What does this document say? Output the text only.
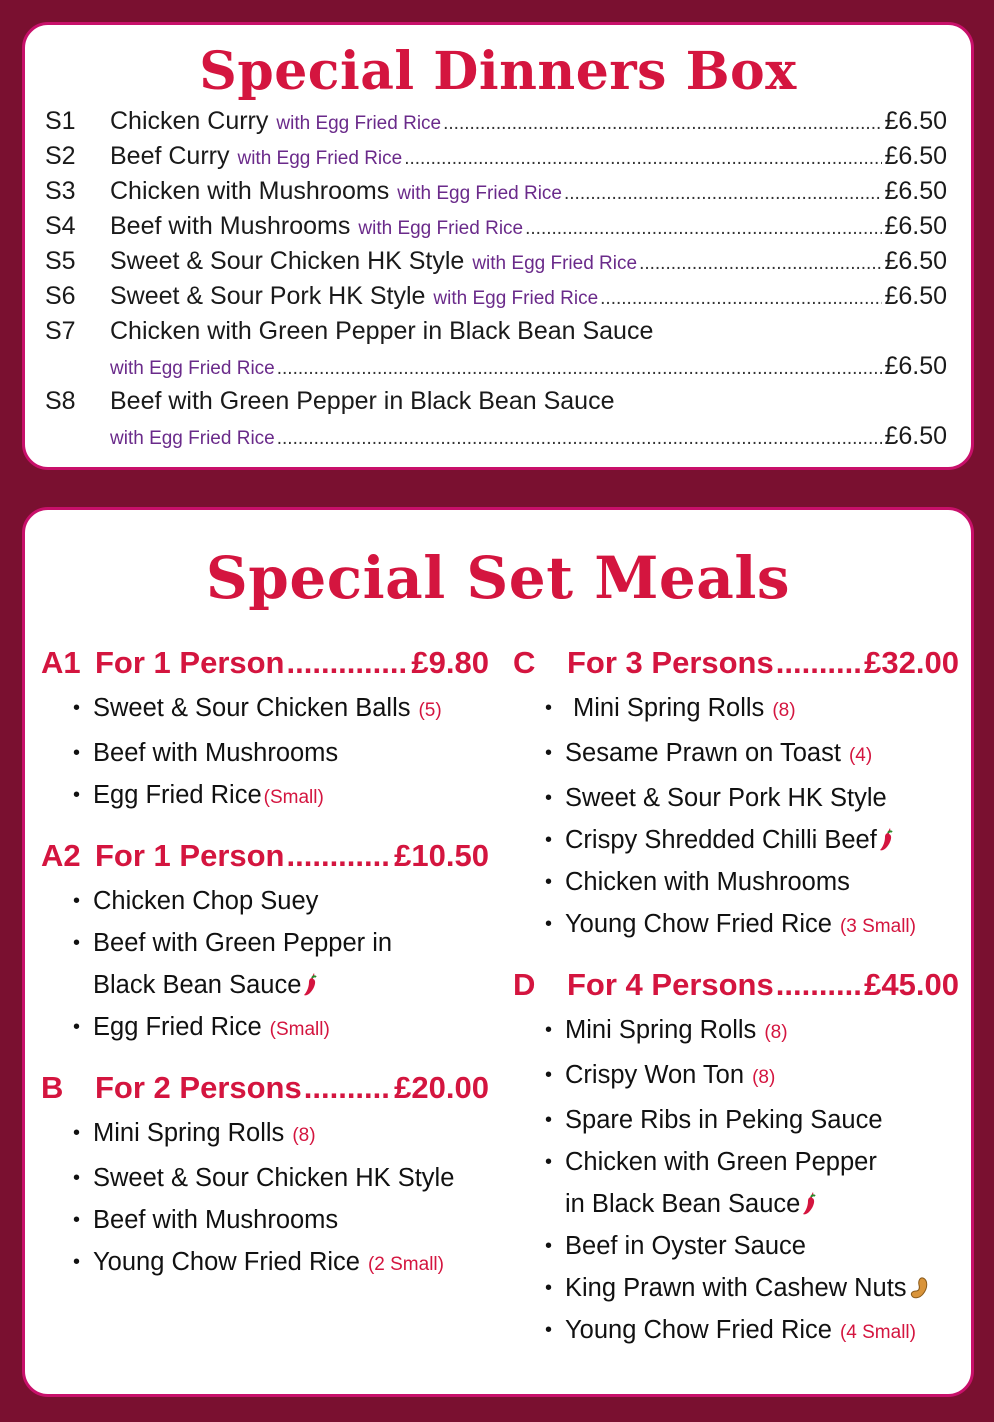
Special Dinners Box
S1	Chicken Curry with Egg Fried Rice .....	£6.50
S2	Beef Curry with Egg Fried Rice .....	£6.50
S3	Chicken with Mushrooms with Egg Fried Rice .....	£6.50
S4	Beef with Mushrooms with Egg Fried Rice .....	£6.50
S5	Sweet & Sour Chicken HK Style with Egg Fried Rice .....	£6.50
S6	Sweet & Sour Pork HK Style with Egg Fried Rice .....	£6.50
S7	Chicken with Green Pepper in Black Bean Sauce
with Egg Fried Rice .....	£6.50
S8	Beef with Green Pepper in Black Bean Sauce
with Egg Fried Rice .....	£6.50
Special Set Meals
A1 For 1 Person .....	£9.80
• Sweet & Sour Chicken Balls (5)
• Beef with Mushrooms
• Egg Fried Rice (Small)
A2 For 1 Person .....	£10.50
• Chicken Chop Suey
• Beef with Green Pepper in
Black Bean Sauce
• Egg Fried Rice (Small)
B	For 2 Persons .....	£20.00
• Mini Spring Rolls (8)
• Sweet & Sour Chicken HK Style
• Beef with Mushrooms
• Young Chow Fried Rice (2 Small)
C	For 3 Persons .....	£32.00
• Mini Spring Rolls (8)
• Sesame Prawn on Toast (4)
• Sweet & Sour Pork HK Style
• Crispy Shredded Chilli Beef
• Chicken with Mushrooms
• Young Chow Fried Rice (3 Small)
D	For 4 Persons .....	£45.00
• Mini Spring Rolls (8)
• Crispy Won Ton (8)
• Spare Ribs in Peking Sauce
• Chicken with Green Pepper
in Black Bean Sauce
• Beef in Oyster Sauce
• King Prawn with Cashew Nuts
• Young Chow Fried Rice (4 Small)
